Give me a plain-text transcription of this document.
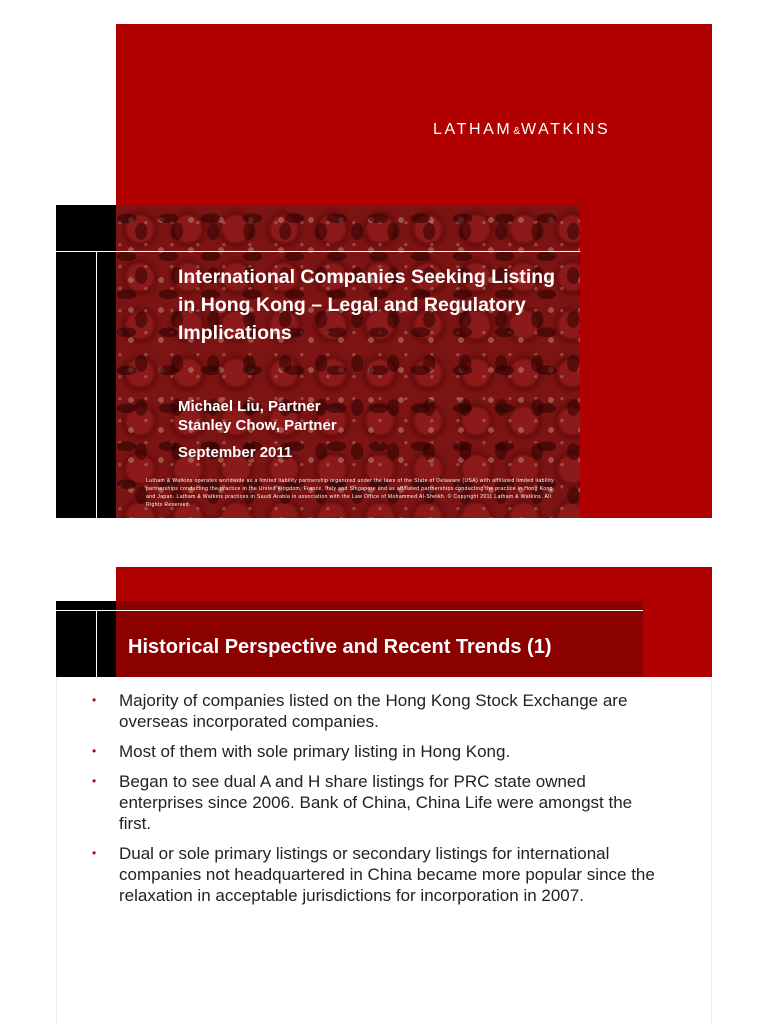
LATHAM&WATKINS
International Companies Seeking Listing in Hong Kong – Legal and Regulatory Implications
Michael Liu, Partner
Stanley Chow, Partner
September 2011

Latham & Watkins operates worldwide as a limited liability partnership organized under the laws of the State of Delaware (USA) with affiliated limited liability partnerships conducting the practice in the United Kingdom, France, Italy and Singapore and as affiliated partnerships conducting the practice in Hong Kong and Japan. Latham & Watkins practices in Saudi Arabia in association with the Law Office of Mohammed Al-Sheikh. © Copyright 2011 Latham & Watkins. All Rights Reserved.

Historical Perspective and Recent Trends (1)
• Majority of companies listed on the Hong Kong Stock Exchange are overseas incorporated companies.
• Most of them with sole primary listing in Hong Kong.
• Began to see dual A and H share listings for PRC state owned enterprises since 2006. Bank of China, China Life were amongst the first.
• Dual or sole primary listings or secondary listings for international companies not headquartered in China became more popular since the relaxation in acceptable jurisdictions for incorporation in 2007.
